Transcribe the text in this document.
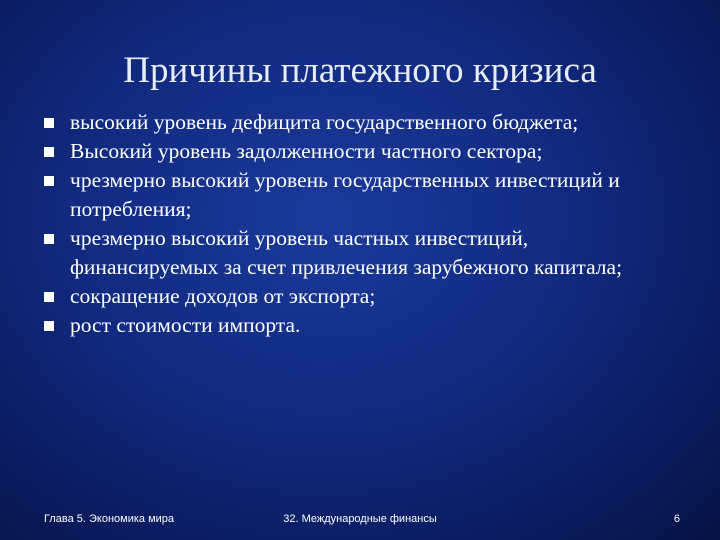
Причины платежного кризиса
высокий уровень дефицита государственного бюджета;
Высокий уровень задолженности частного сектора;
чрезмерно высокий уровень государственных инвестиций и потребления;
чрезмерно высокий уровень частных инвестиций, финансируемых за счет привлечения зарубежного капитала;
сокращение доходов от экспорта;
рост стоимости импорта.
Глава 5. Экономика мира	32. Международные финансы	6
